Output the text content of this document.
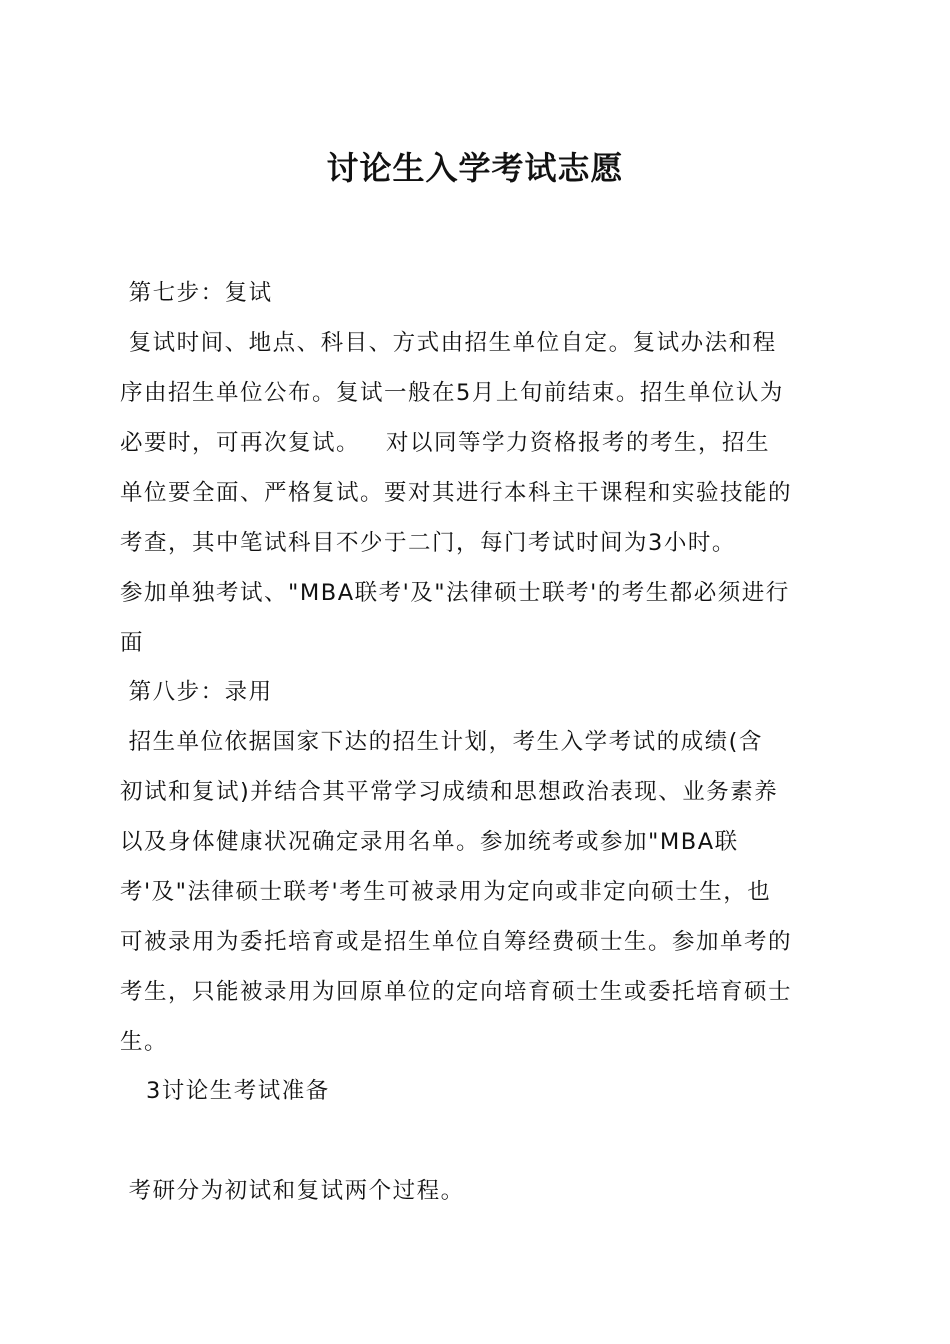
讨论生入学考试志愿
第七步：复试
复试时间、地点、科目、方式由招生单位自定。复试办法和程
序由招生单位公布。复试一般在5月上旬前结束。招生单位认为
必要时，可再次复试。   对以同等学力资格报考的考生，招生
单位要全面、严格复试。要对其进行本科主干课程和实验技能的
考查，其中笔试科目不少于二门，每门考试时间为3小时。
参加单独考试、"MBA联考'及"法律硕士联考'的考生都必须进行
面
第八步：录用
招生单位依据国家下达的招生计划，考生入学考试的成绩(含
初试和复试)并结合其平常学习成绩和思想政治表现、业务素养
以及身体健康状况确定录用名单。参加统考或参加"MBA联
考'及"法律硕士联考'考生可被录用为定向或非定向硕士生，也
可被录用为委托培育或是招生单位自筹经费硕士生。参加单考的
考生，只能被录用为回原单位的定向培育硕士生或委托培育硕士
生。
3讨论生考试准备
考研分为初试和复试两个过程。
